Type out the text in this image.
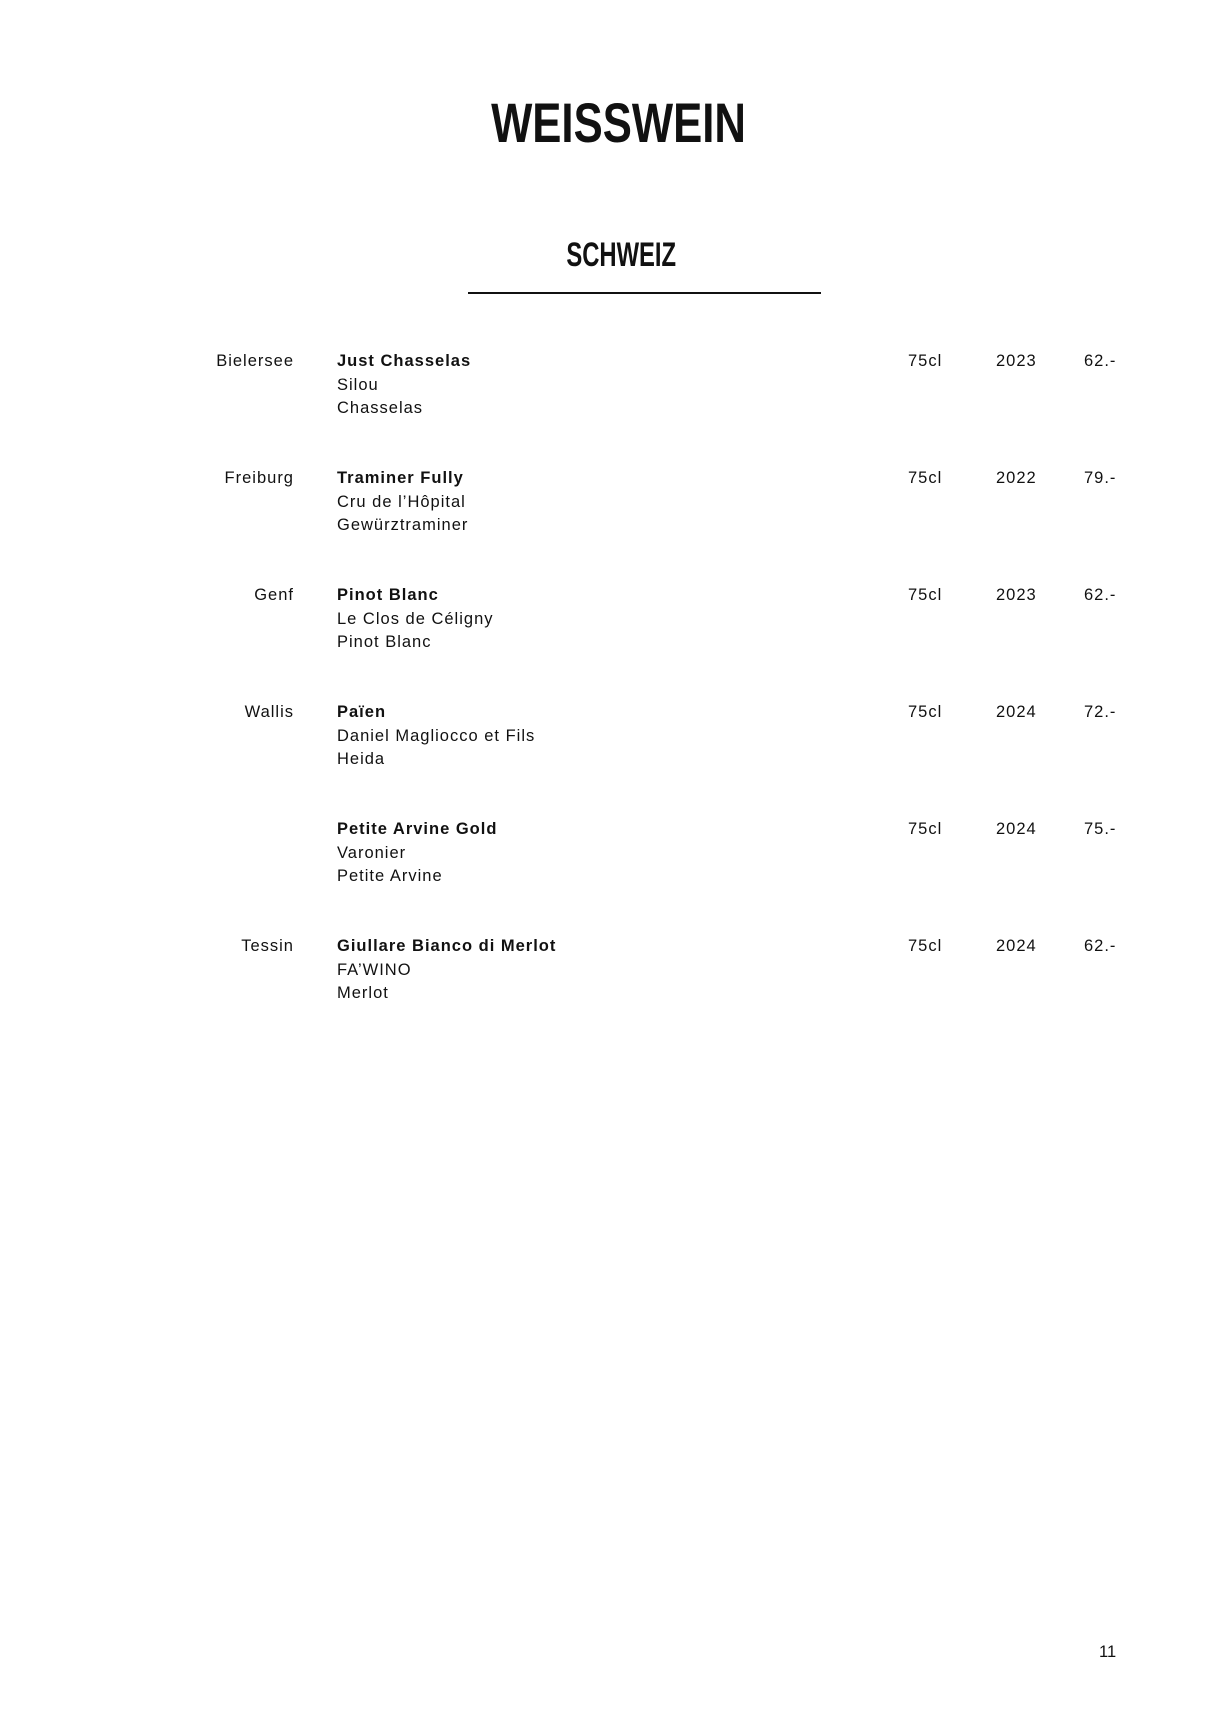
WEISSWEIN
SCHWEIZ
Bielersee	Just Chasselas
Silou
Chasselas
75cl	2023	62.-
Freiburg	Traminer Fully
Cru de l’Hôpital
Gewürztraminer
75cl	2022	79.-
Genf	Pinot Blanc
Le Clos de Céligny
Pinot Blanc
75cl	2023	62.-
Wallis	Païen
Daniel Magliocco et Fils
Heida
75cl	2024	72.-
Petite Arvine Gold
Varonier
Petite Arvine
75cl	2024	75.-
Tessin	Giullare Bianco di Merlot
FA’WINO
Merlot
75cl	2024	62.-
11
